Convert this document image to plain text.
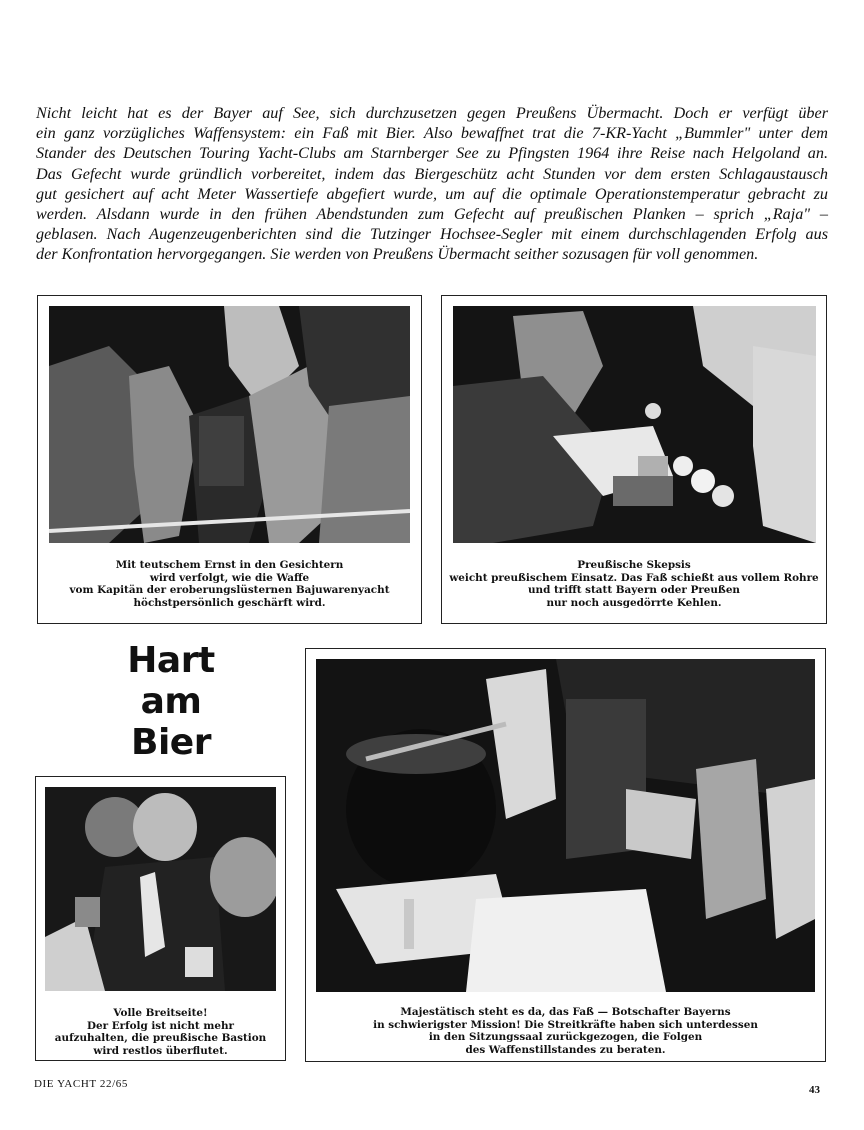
Nicht leicht hat es der Bayer auf See, sich durchzusetzen gegen Preußens Übermacht. Doch er verfügt über
ein ganz vorzügliches Waffensystem: ein Faß mit Bier. Also bewaffnet trat die 7-KR-Yacht „Bummler" unter dem
Stander des Deutschen Touring Yacht-Clubs am Starnberger See zu Pfingsten 1964 ihre Reise nach Helgoland an.
Das Gefecht wurde gründlich vorbereitet, indem das Biergeschütz acht Stunden vor dem ersten Schlagaustausch
gut gesichert auf acht Meter Wassertiefe abgefiert wurde, um auf die optimale Operationstemperatur gebracht zu
werden. Alsdann wurde in den frühen Abendstunden zum Gefecht auf preußischen Planken – sprich „Raja" –
geblasen. Nach Augenzeugenberichten sind die Tutzinger Hochsee-Segler mit einem durchschlagenden Erfolg aus
der Konfrontation hervorgegangen. Sie werden von Preußens Übermacht seither sozusagen für voll genommen.
Mit teutschem Ernst in den Gesichtern
wird verfolgt, wie die Waffe
vom Kapitän der eroberungslüsternen Bajuwarenyacht
höchstpersönlich geschärft wird.
Preußische Skepsis
weicht preußischem Einsatz. Das Faß schießt aus vollem Rohre
und trifft statt Bayern oder Preußen
nur noch ausgedörrte Kehlen.
Hart
am
Bier
Volle Breitseite!
Der Erfolg ist nicht mehr
aufzuhalten, die preußische Bastion
wird restlos überflutet.
Majestätisch steht es da, das Faß — Botschafter Bayerns
in schwierigster Mission! Die Streitkräfte haben sich unterdessen
in den Sitzungssaal zurückgezogen, die Folgen
des Waffenstillstandes zu beraten.
DIE YACHT 22/65	43
